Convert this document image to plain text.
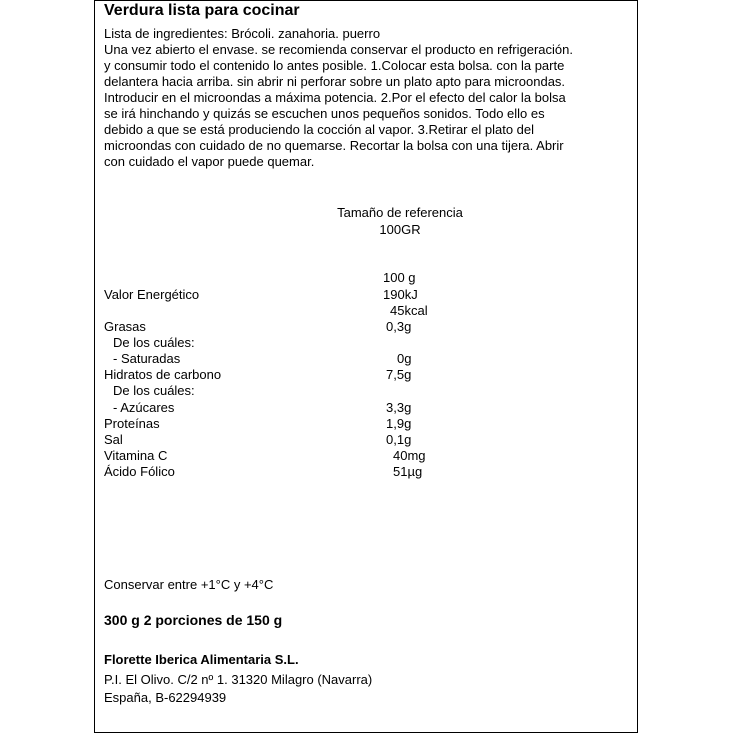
Verdura lista para cocinar
Lista de ingredientes: Brócoli. zanahoria. puerro
Una vez abierto el envase. se recomienda conservar el producto en refrigeración.
y consumir todo el contenido lo antes posible. 1.Colocar esta bolsa. con la parte
delantera hacia arriba. sin abrir ni perforar sobre un plato apto para microondas.
Introducir en el microondas a máxima potencia. 2.Por el efecto del calor la bolsa
se irá hinchando y quizás se escuchen unos pequeños sonidos. Todo ello es
debido a que se está produciendo la cocción al vapor. 3.Retirar el plato del
microondas con cuidado de no quemarse. Recortar la bolsa con una tijera. Abrir
con cuidado el vapor puede quemar.
Tamaño de referencia
100GR
100 g
Valor Energético	190kJ
45kcal
Grasas	0,3g
De los cuáles:
- Saturadas	0g
Hidratos de carbono	7,5g
De los cuáles:
- Azúcares	3,3g
Proteínas	1,9g
Sal	0,1g
Vitamina C	40mg
Ácido Fólico	51µg
Conservar entre +1°C y +4°C
300 g 2 porciones de 150 g
Florette Iberica Alimentaria S.L.
P.I. El Olivo. C/2 nº 1. 31320 Milagro (Navarra)
España, B-62294939
